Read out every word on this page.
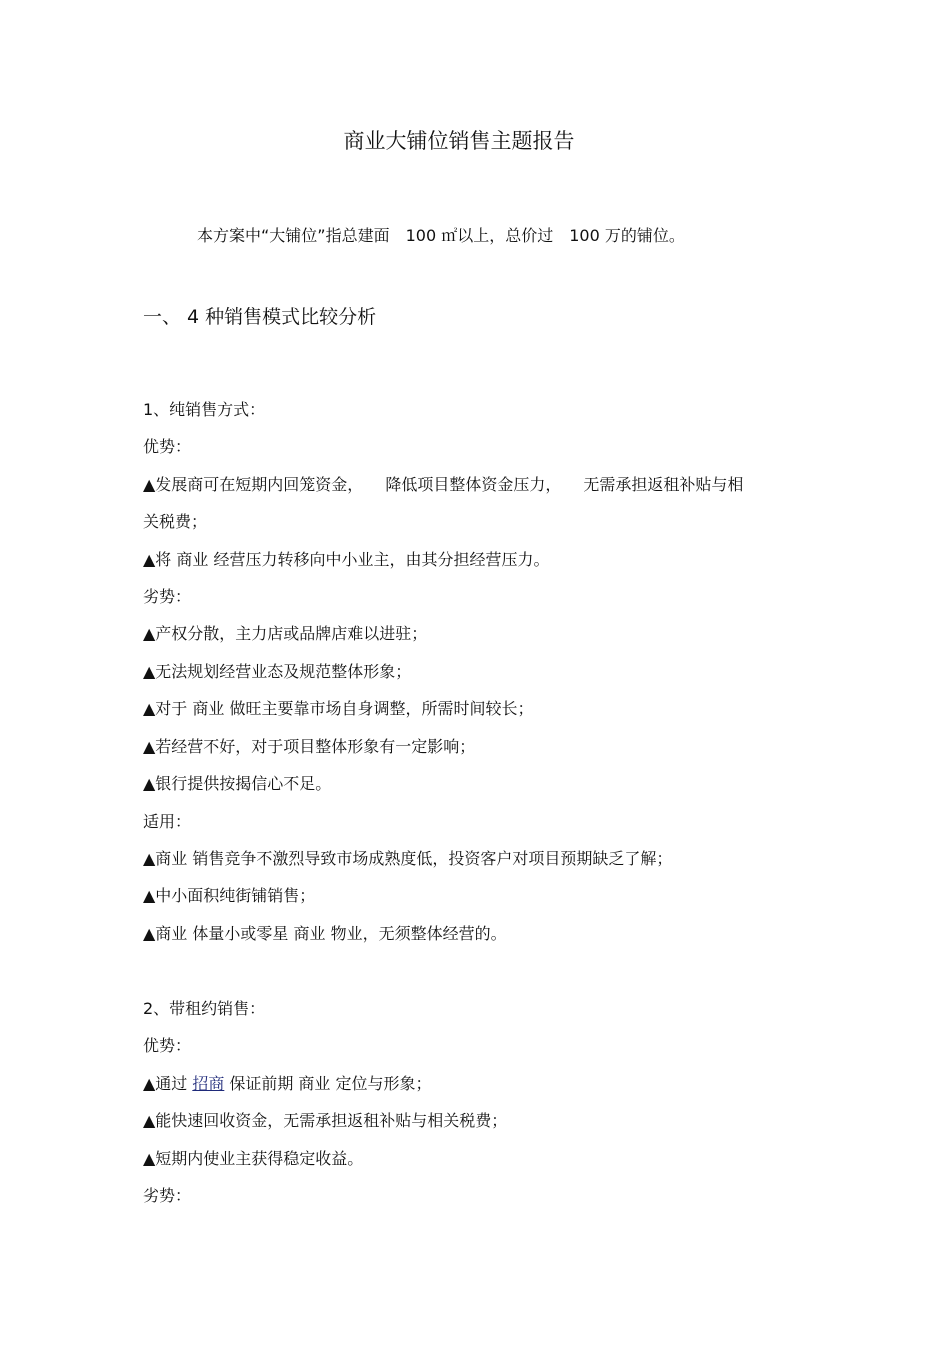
商业大铺位销售主题报告
本方案中“大铺位”指总建面 100 ㎡以上，总价过 100 万的铺位。
一、 4 种销售模式比较分析
1、纯销售方式：
优势：
▲发展商可在短期内回笼资金， 降低项目整体资金压力， 无需承担返租补贴与相
关税费；
▲将 商业 经营压力转移向中小业主，由其分担经营压力。
劣势：
▲产权分散，主力店或品牌店难以进驻；
▲无法规划经营业态及规范整体形象；
▲对于 商业 做旺主要靠市场自身调整，所需时间较长；
▲若经营不好，对于项目整体形象有一定影响；
▲银行提供按揭信心不足。
适用：
▲商业 销售竞争不激烈导致市场成熟度低，投资客户对项目预期缺乏了解；
▲中小面积纯街铺销售；
▲商业 体量小或零星 商业 物业，无须整体经营的。
2、带租约销售：
优势：
▲通过 招商 保证前期 商业 定位与形象；
▲能快速回收资金，无需承担返租补贴与相关税费；
▲短期内使业主获得稳定收益。
劣势：
